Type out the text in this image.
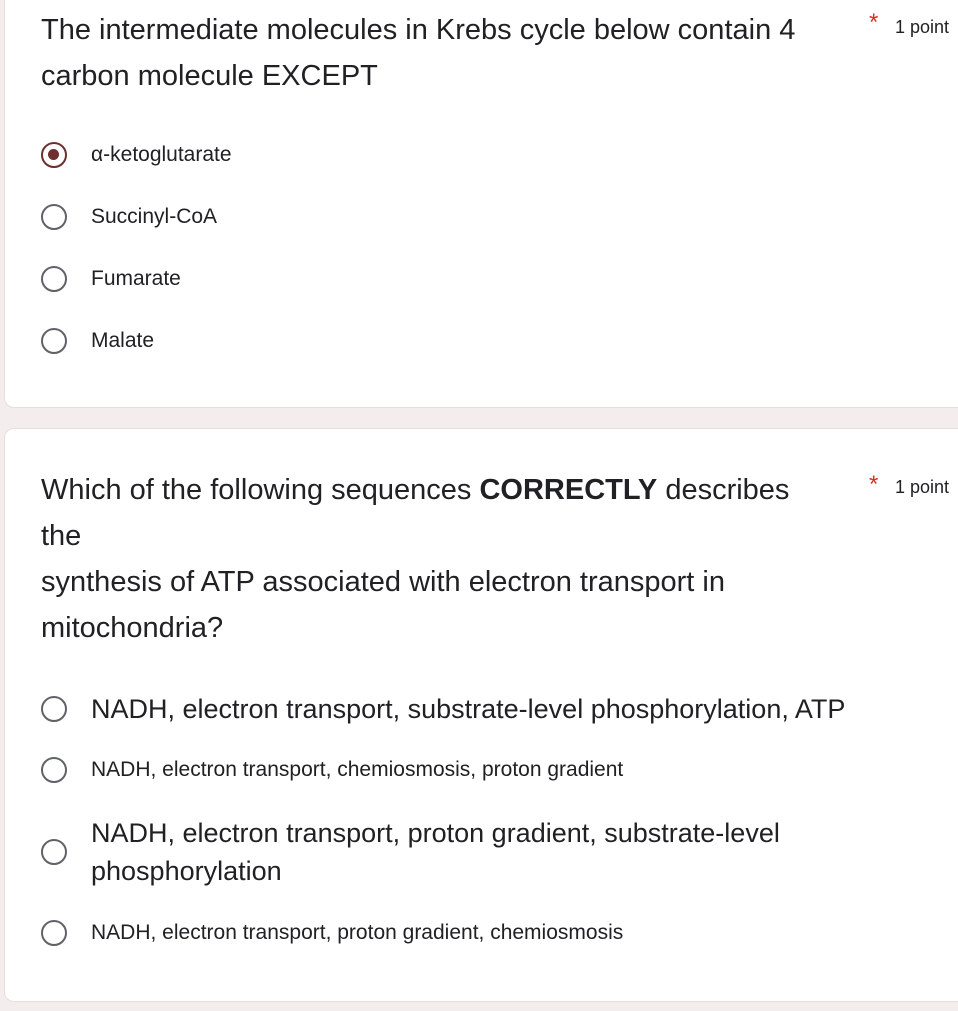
The intermediate molecules in Krebs cycle below contain 4 carbon molecule EXCEPT
* 1 point
α-ketoglutarate
Succinyl-CoA
Fumarate
Malate
Which of the following sequences CORRECTLY describes
the
synthesis of ATP associated with electron transport in
mitochondria?
* 1 point
NADH, electron transport, substrate-level phosphorylation, ATP
NADH, electron transport, chemiosmosis, proton gradient
NADH, electron transport, proton gradient, substrate-level phosphorylation
NADH, electron transport, proton gradient, chemiosmosis
